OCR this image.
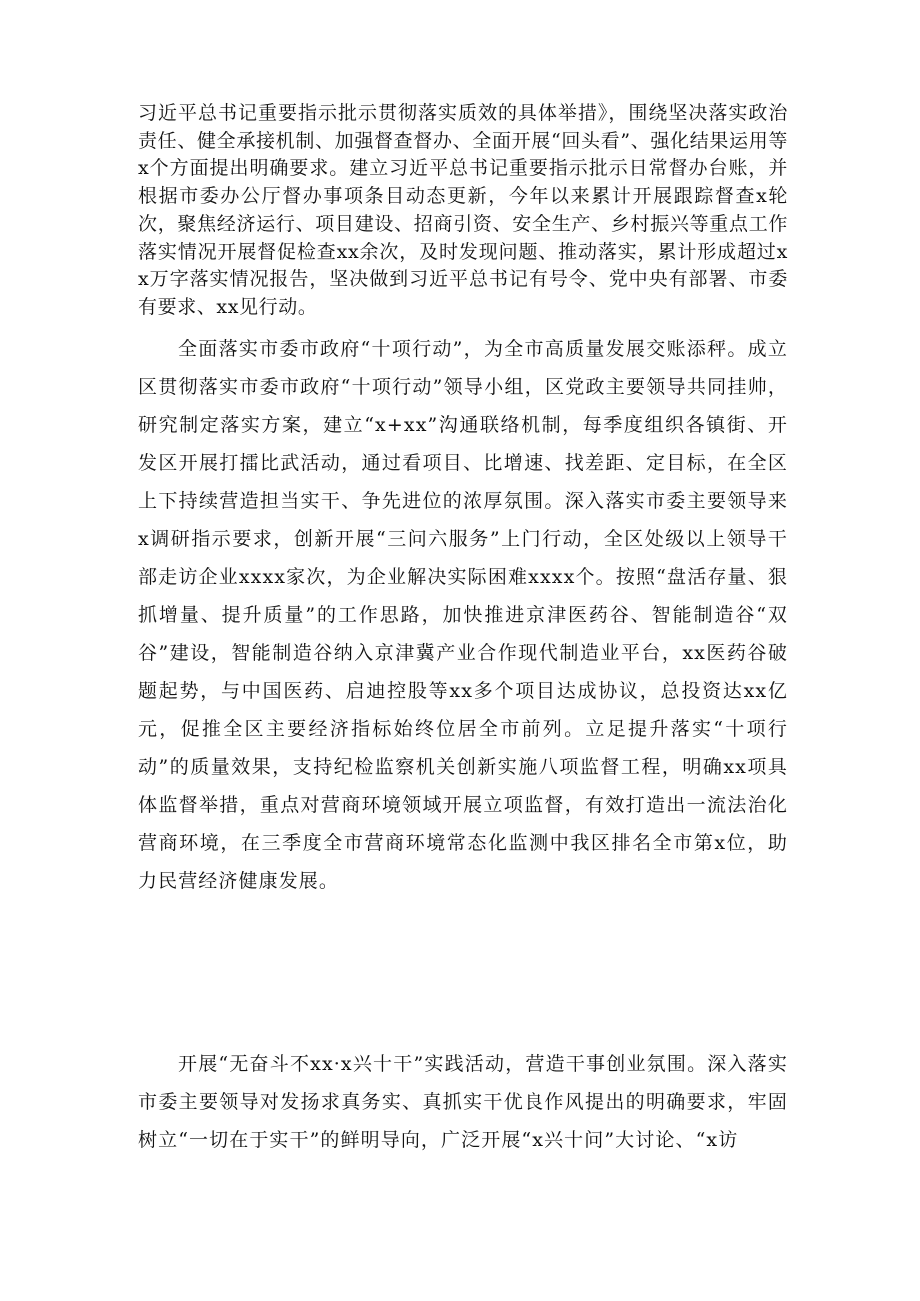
习近平总书记重要指示批示贯彻落实质效的具体举措》，围绕坚决落实政治责任、健全承接机制、加强督查督办、全面开展“回头看”、强化结果运用等x个方面提出明确要求。建立习近平总书记重要指示批示日常督办台账，并根据市委办公厅督办事项条目动态更新，今年以来累计开展跟踪督查x轮次，聚焦经济运行、项目建设、招商引资、安全生产、乡村振兴等重点工作落实情况开展督促检查xx余次，及时发现问题、推动落实，累计形成超过xx万字落实情况报告，坚决做到习近平总书记有号令、党中央有部署、市委有要求、xx见行动。

全面落实市委市政府“十项行动”，为全市高质量发展交账添秤。成立区贯彻落实市委市政府“十项行动”领导小组，区党政主要领导共同挂帅，研究制定落实方案，建立“x+xx”沟通联络机制，每季度组织各镇街、开发区开展打擂比武活动，通过看项目、比增速、找差距、定目标，在全区上下持续营造担当实干、争先进位的浓厚氛围。深入落实市委主要领导来x调研指示要求，创新开展“三问六服务”上门行动，全区处级以上领导干部走访企业xxxx家次，为企业解决实际困难xxxx个。按照“盘活存量、狠抓增量、提升质量”的工作思路，加快推进京津医药谷、智能制造谷“双谷”建设，智能制造谷纳入京津冀产业合作现代制造业平台，xx医药谷破题起势，与中国医药、启迪控股等xx多个项目达成协议，总投资达xx亿元，促推全区主要经济指标始终位居全市前列。立足提升落实“十项行动”的质量效果，支持纪检监察机关创新实施八项监督工程，明确xx项具体监督举措，重点对营商环境领域开展立项监督，有效打造出一流法治化营商环境，在三季度全市营商环境常态化监测中我区排名全市第x位，助力民营经济健康发展。

开展“无奋斗不xx·x兴十干”实践活动，营造干事创业氛围。深入落实市委主要领导对发扬求真务实、真抓实干优良作风提出的明确要求，牢固树立“一切在于实干”的鲜明导向，广泛开展“x兴十问”大讨论、“x访
